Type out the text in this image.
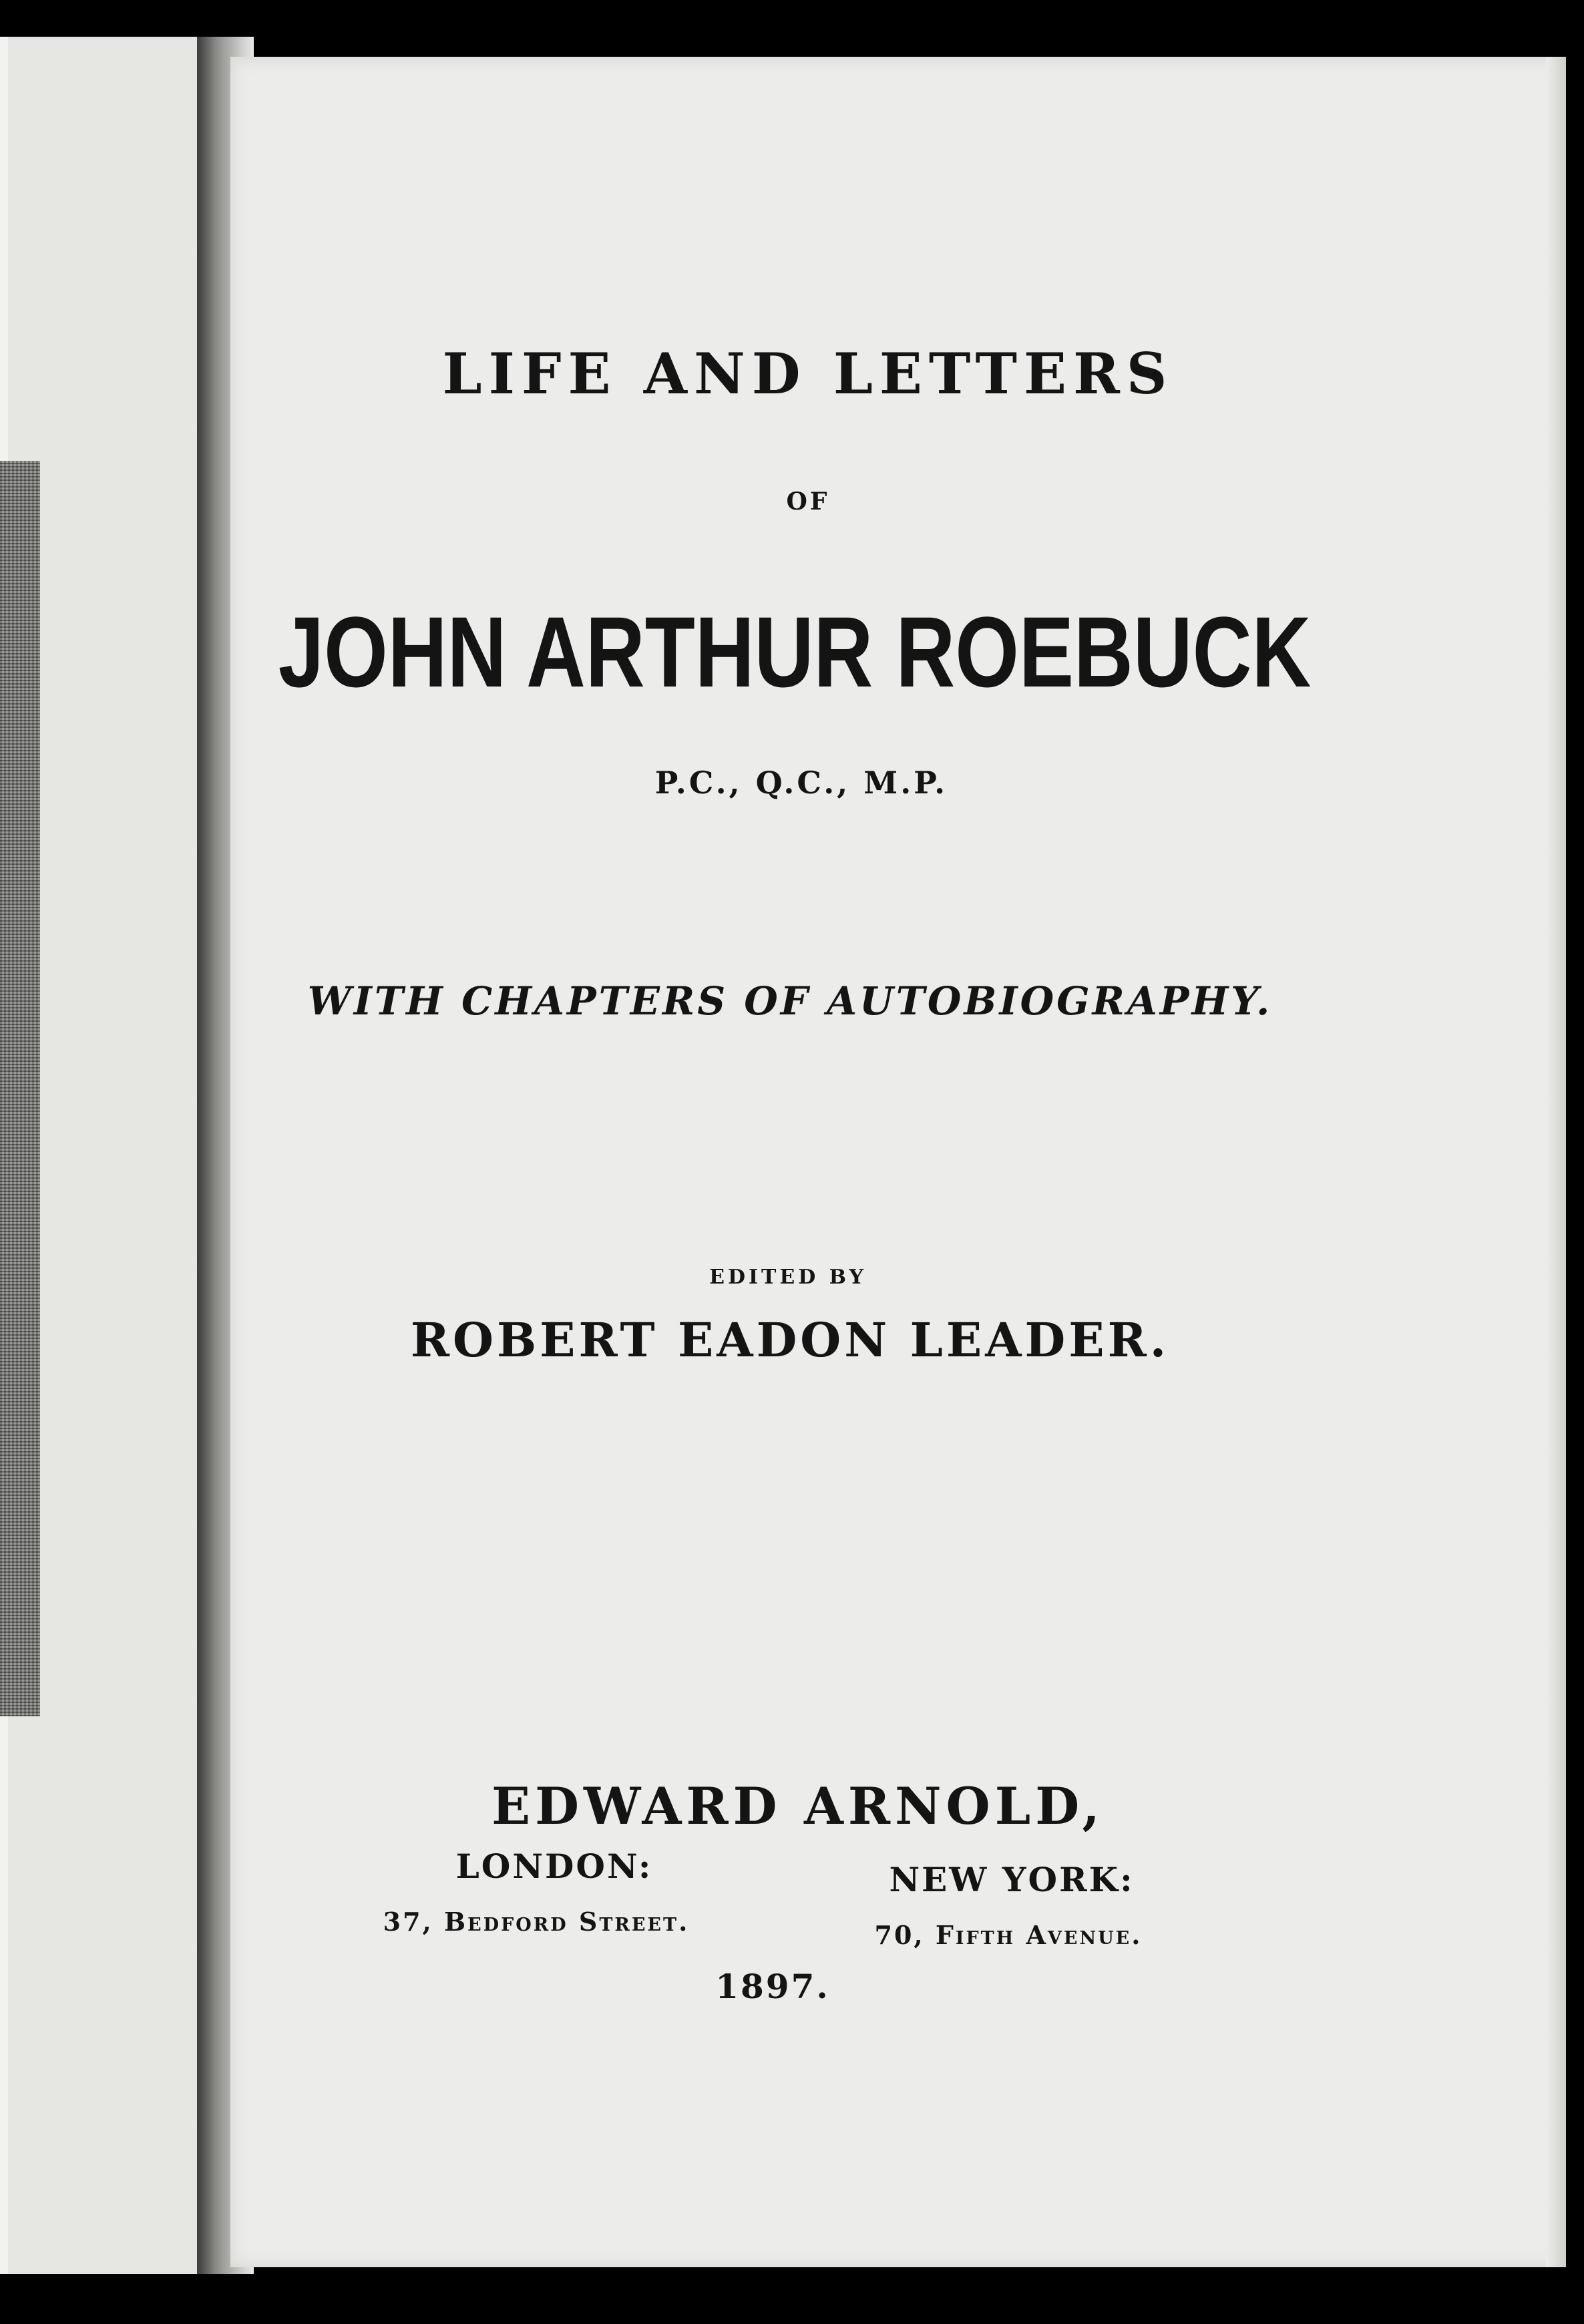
LIFE AND LETTERS
OF
JOHN ARTHUR ROEBUCK
P.C., Q.C., M.P.
WITH CHAPTERS OF AUTOBIOGRAPHY.
EDITED BY
ROBERT EADON LEADER.
EDWARD ARNOLD,
LONDON:	NEW YORK:
37, Bedford Street.	70, Fifth Avenue.
1897.
